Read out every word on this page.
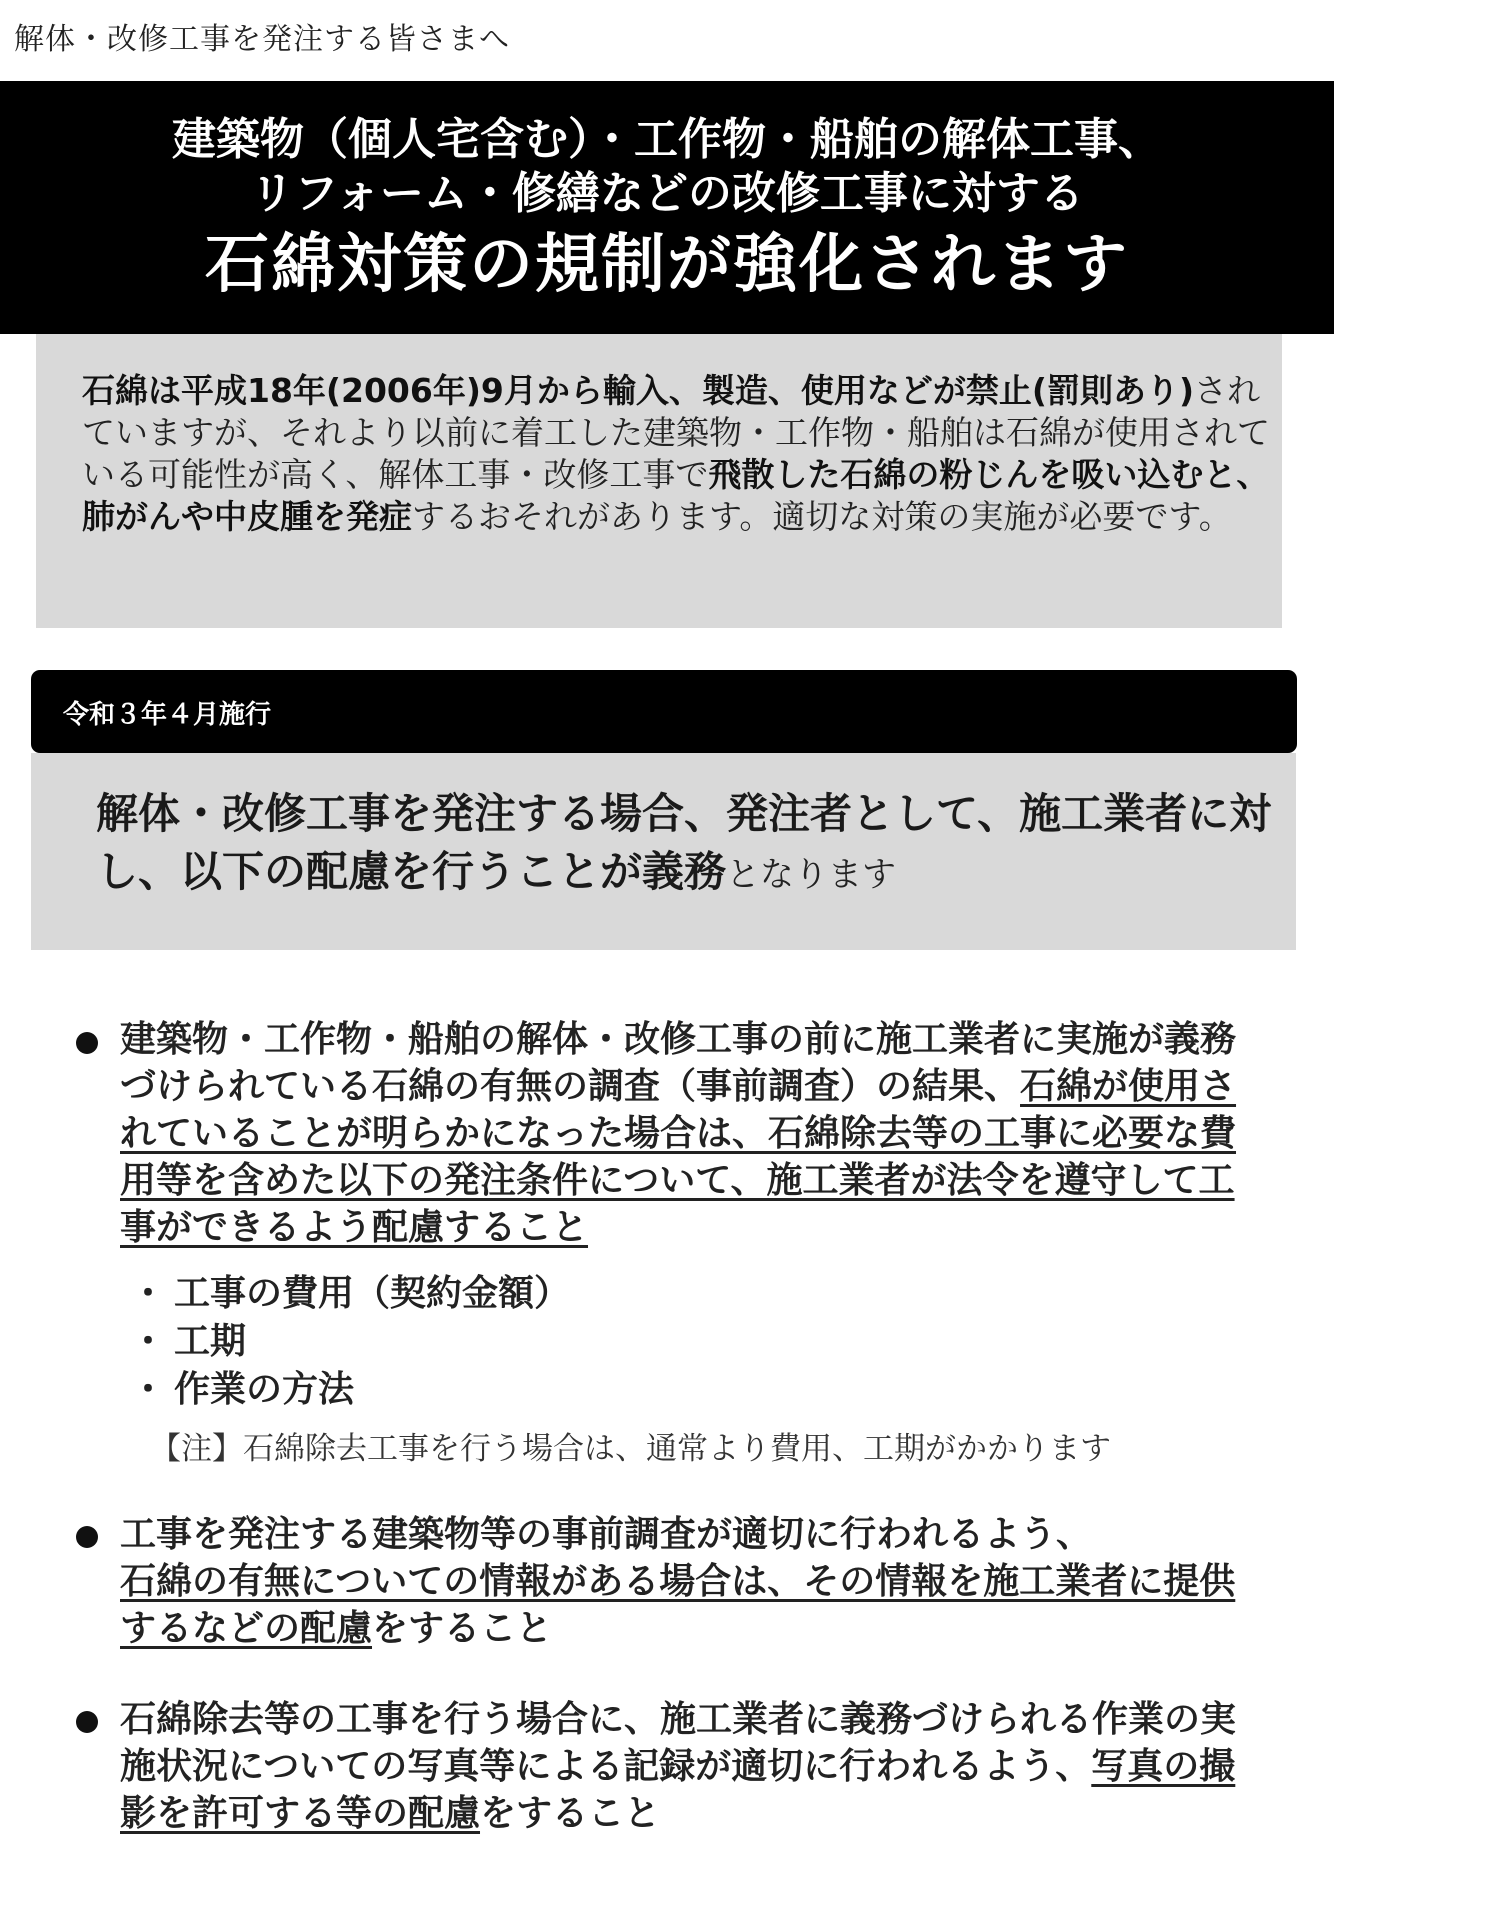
解体・改修工事を発注する皆さまへ
建築物（個人宅含む）・工作物・船舶の解体工事、
リフォーム・修繕などの改修工事に対する
石綿対策の規制が強化されます
石綿は平成18年(2006年)9月から輸入、製造、使用などが禁止(罰則あり)されていますが、それより以前に着工した建築物・工作物・船舶は石綿が使用されている可能性が高く、解体工事・改修工事で飛散した石綿の粉じんを吸い込むと、肺がんや中皮腫を発症するおそれがあります。適切な対策の実施が必要です。
令和３年４月施行
解体・改修工事を発注する場合、発注者として、施工業者に対し、以下の配慮を行うことが義務となります
建築物・工作物・船舶の解体・改修工事の前に施工業者に実施が義務づけられている石綿の有無の調査（事前調査）の結果、石綿が使用されていることが明らかになった場合は、石綿除去等の工事に必要な費用等を含めた以下の発注条件について、施工業者が法令を遵守して工事ができるよう配慮すること
・ 工事の費用（契約金額）
・ 工期
・ 作業の方法
【注】石綿除去工事を行う場合は、通常より費用、工期がかかります
工事を発注する建築物等の事前調査が適切に行われるよう、
石綿の有無についての情報がある場合は、その情報を施工業者に提供するなどの配慮をすること
石綿除去等の工事を行う場合に、施工業者に義務づけられる作業の実施状況についての写真等による記録が適切に行われるよう、写真の撮影を許可する等の配慮をすること
